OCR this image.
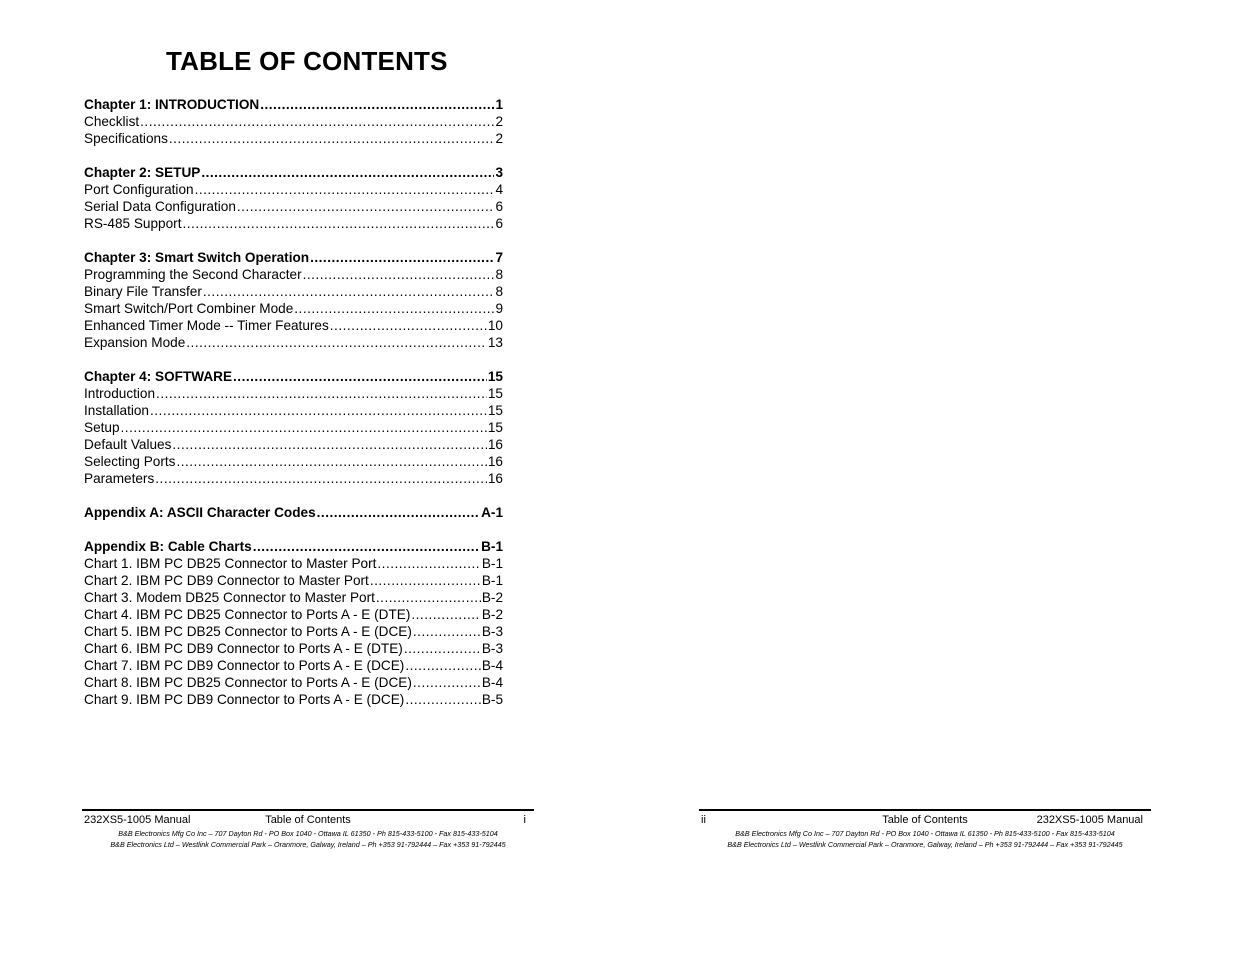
TABLE OF CONTENTS
Chapter 1: INTRODUCTION .....	1
Checklist .....	2
Specifications .....	2
Chapter 2: SETUP .....	3
Port Configuration .....	4
Serial Data Configuration .....	6
RS-485 Support .....	6
Chapter 3: Smart Switch Operation .....	7
Programming the Second Character .....	8
Binary File Transfer .....	8
Smart Switch/Port Combiner Mode .....	9
Enhanced Timer Mode -- Timer Features .....	10
Expansion Mode .....	13
Chapter 4: SOFTWARE .....	15
Introduction .....	15
Installation .....	15
Setup .....	15
Default Values .....	16
Selecting Ports .....	16
Parameters .....	16
Appendix A: ASCII Character Codes .....	A-1
Appendix B: Cable Charts .....	B-1
Chart 1. IBM PC DB25 Connector to Master Port .....	B-1
Chart 2. IBM PC DB9 Connector to Master Port .....	B-1
Chart 3. Modem DB25 Connector to Master Port .....	B-2
Chart 4. IBM PC DB25 Connector to Ports A - E (DTE) .....	B-2
Chart 5. IBM PC DB25 Connector to Ports A - E (DCE) .....	B-3
Chart 6. IBM PC DB9 Connector to Ports A - E (DTE) .....	B-3
Chart 7. IBM PC DB9 Connector to Ports A - E (DCE) .....	B-4
Chart 8. IBM PC DB25 Connector to Ports A - E (DCE) .....	B-4
Chart 9. IBM PC DB9 Connector to Ports A - E (DCE) .....	B-5
232XS5-1005 Manual	Table of Contents	i
B&B Electronics Mfg Co Inc – 707 Dayton Rd - PO Box 1040 - Ottawa IL 61350 - Ph 815-433-5100 - Fax 815-433-5104
B&B Electronics Ltd – Westlink Commercial Park – Oranmore, Galway, Ireland – Ph +353 91-792444 – Fax +353 91-792445
ii	Table of Contents	232XS5-1005 Manual
B&B Electronics Mfg Co Inc – 707 Dayton Rd - PO Box 1040 - Ottawa IL 61350 - Ph 815-433-5100 - Fax 815-433-5104
B&B Electronics Ltd – Westlink Commercial Park – Oranmore, Galway, Ireland – Ph +353 91-792444 – Fax +353 91-792445
